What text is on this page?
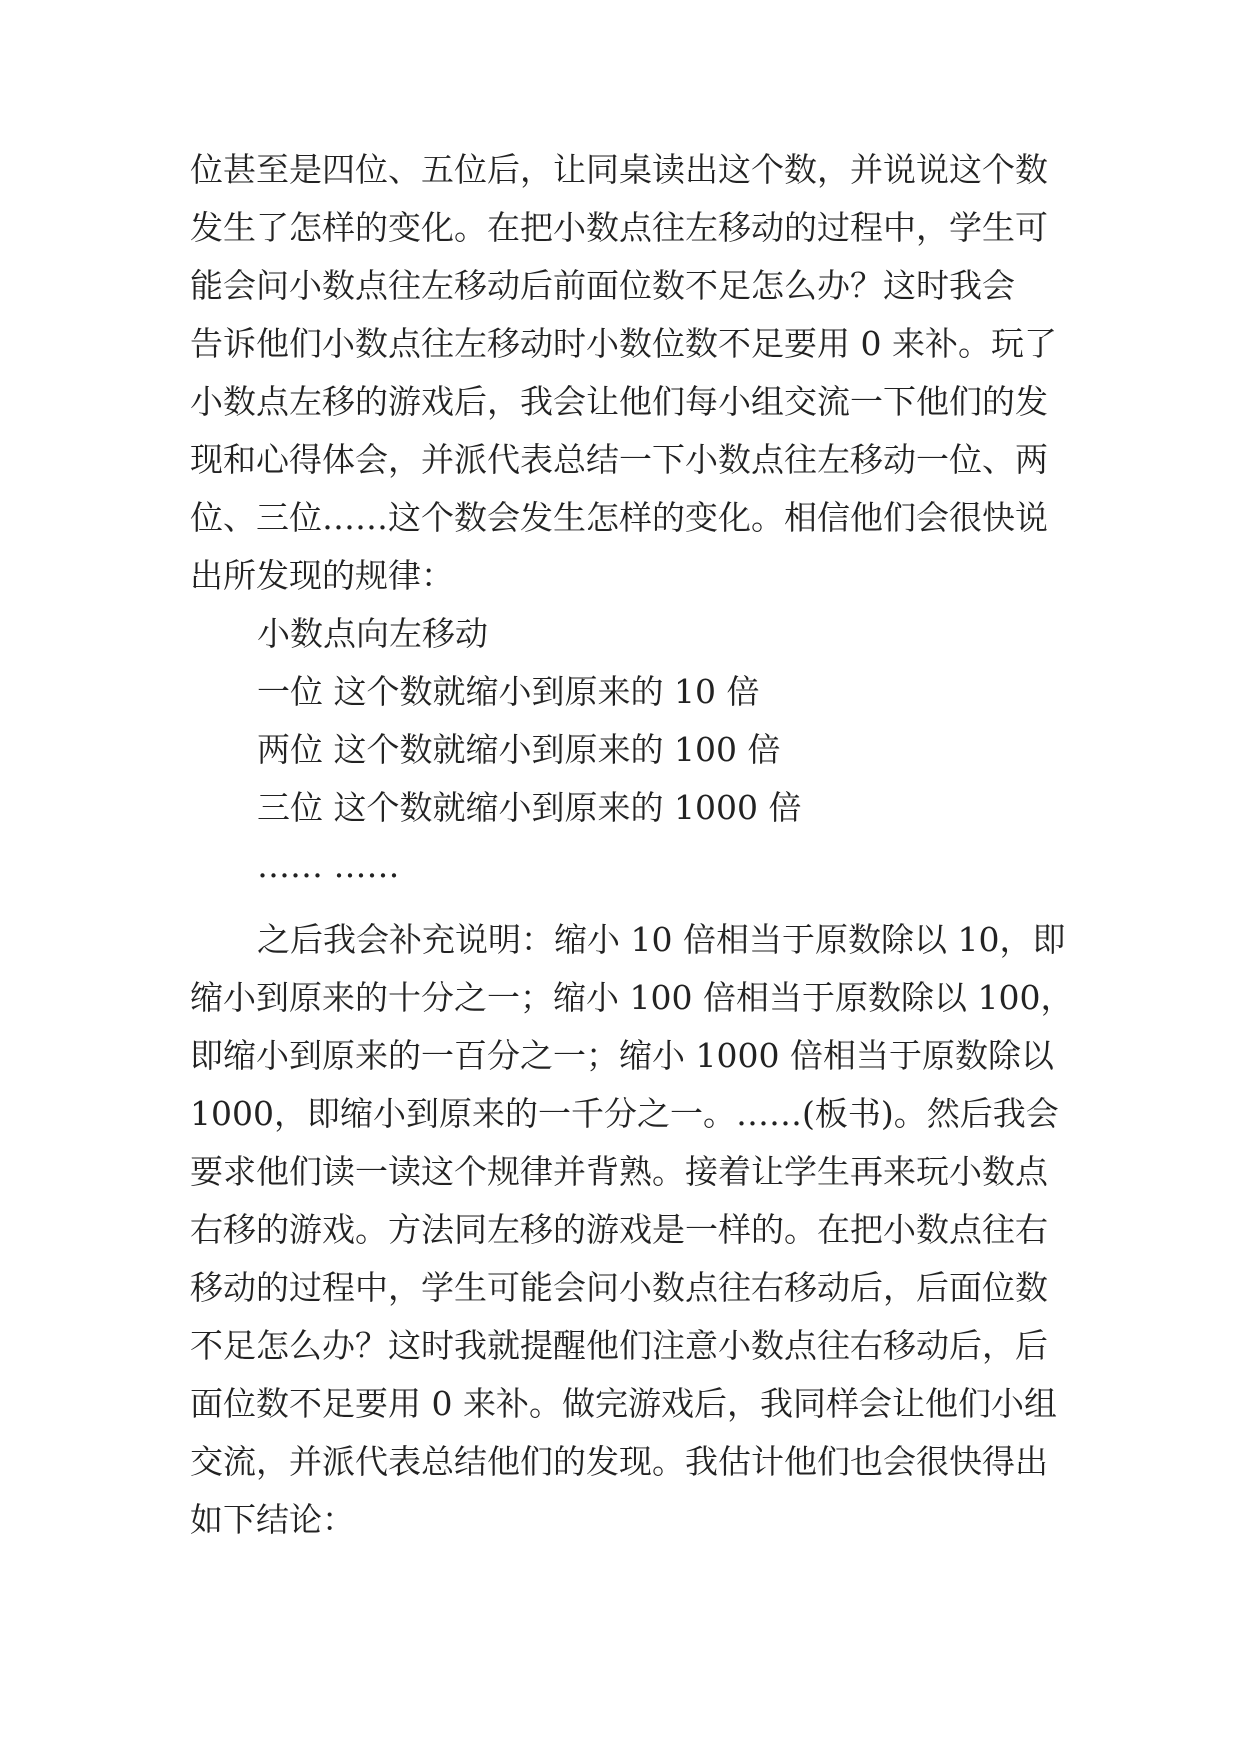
位甚至是四位、五位后，让同桌读出这个数，并说说这个数
发生了怎样的变化。在把小数点往左移动的过程中，学生可
能会问小数点往左移动后前面位数不足怎么办？这时我会
告诉他们小数点往左移动时小数位数不足要用 0 来补。玩了
小数点左移的游戏后，我会让他们每小组交流一下他们的发
现和心得体会，并派代表总结一下小数点往左移动一位、两
位、三位……这个数会发生怎样的变化。相信他们会很快说
出所发现的规律：
小数点向左移动
一位 这个数就缩小到原来的 10 倍
两位 这个数就缩小到原来的 100 倍
三位 这个数就缩小到原来的 1000 倍
…… ……
之后我会补充说明：缩小 10 倍相当于原数除以 10，即
缩小到原来的十分之一；缩小 100 倍相当于原数除以 100，
即缩小到原来的一百分之一；缩小 1000 倍相当于原数除以
1000，即缩小到原来的一千分之一。……(板书)。然后我会
要求他们读一读这个规律并背熟。接着让学生再来玩小数点
右移的游戏。方法同左移的游戏是一样的。在把小数点往右
移动的过程中，学生可能会问小数点往右移动后，后面位数
不足怎么办？这时我就提醒他们注意小数点往右移动后，后
面位数不足要用 0 来补。做完游戏后，我同样会让他们小组
交流，并派代表总结他们的发现。我估计他们也会很快得出
如下结论：
